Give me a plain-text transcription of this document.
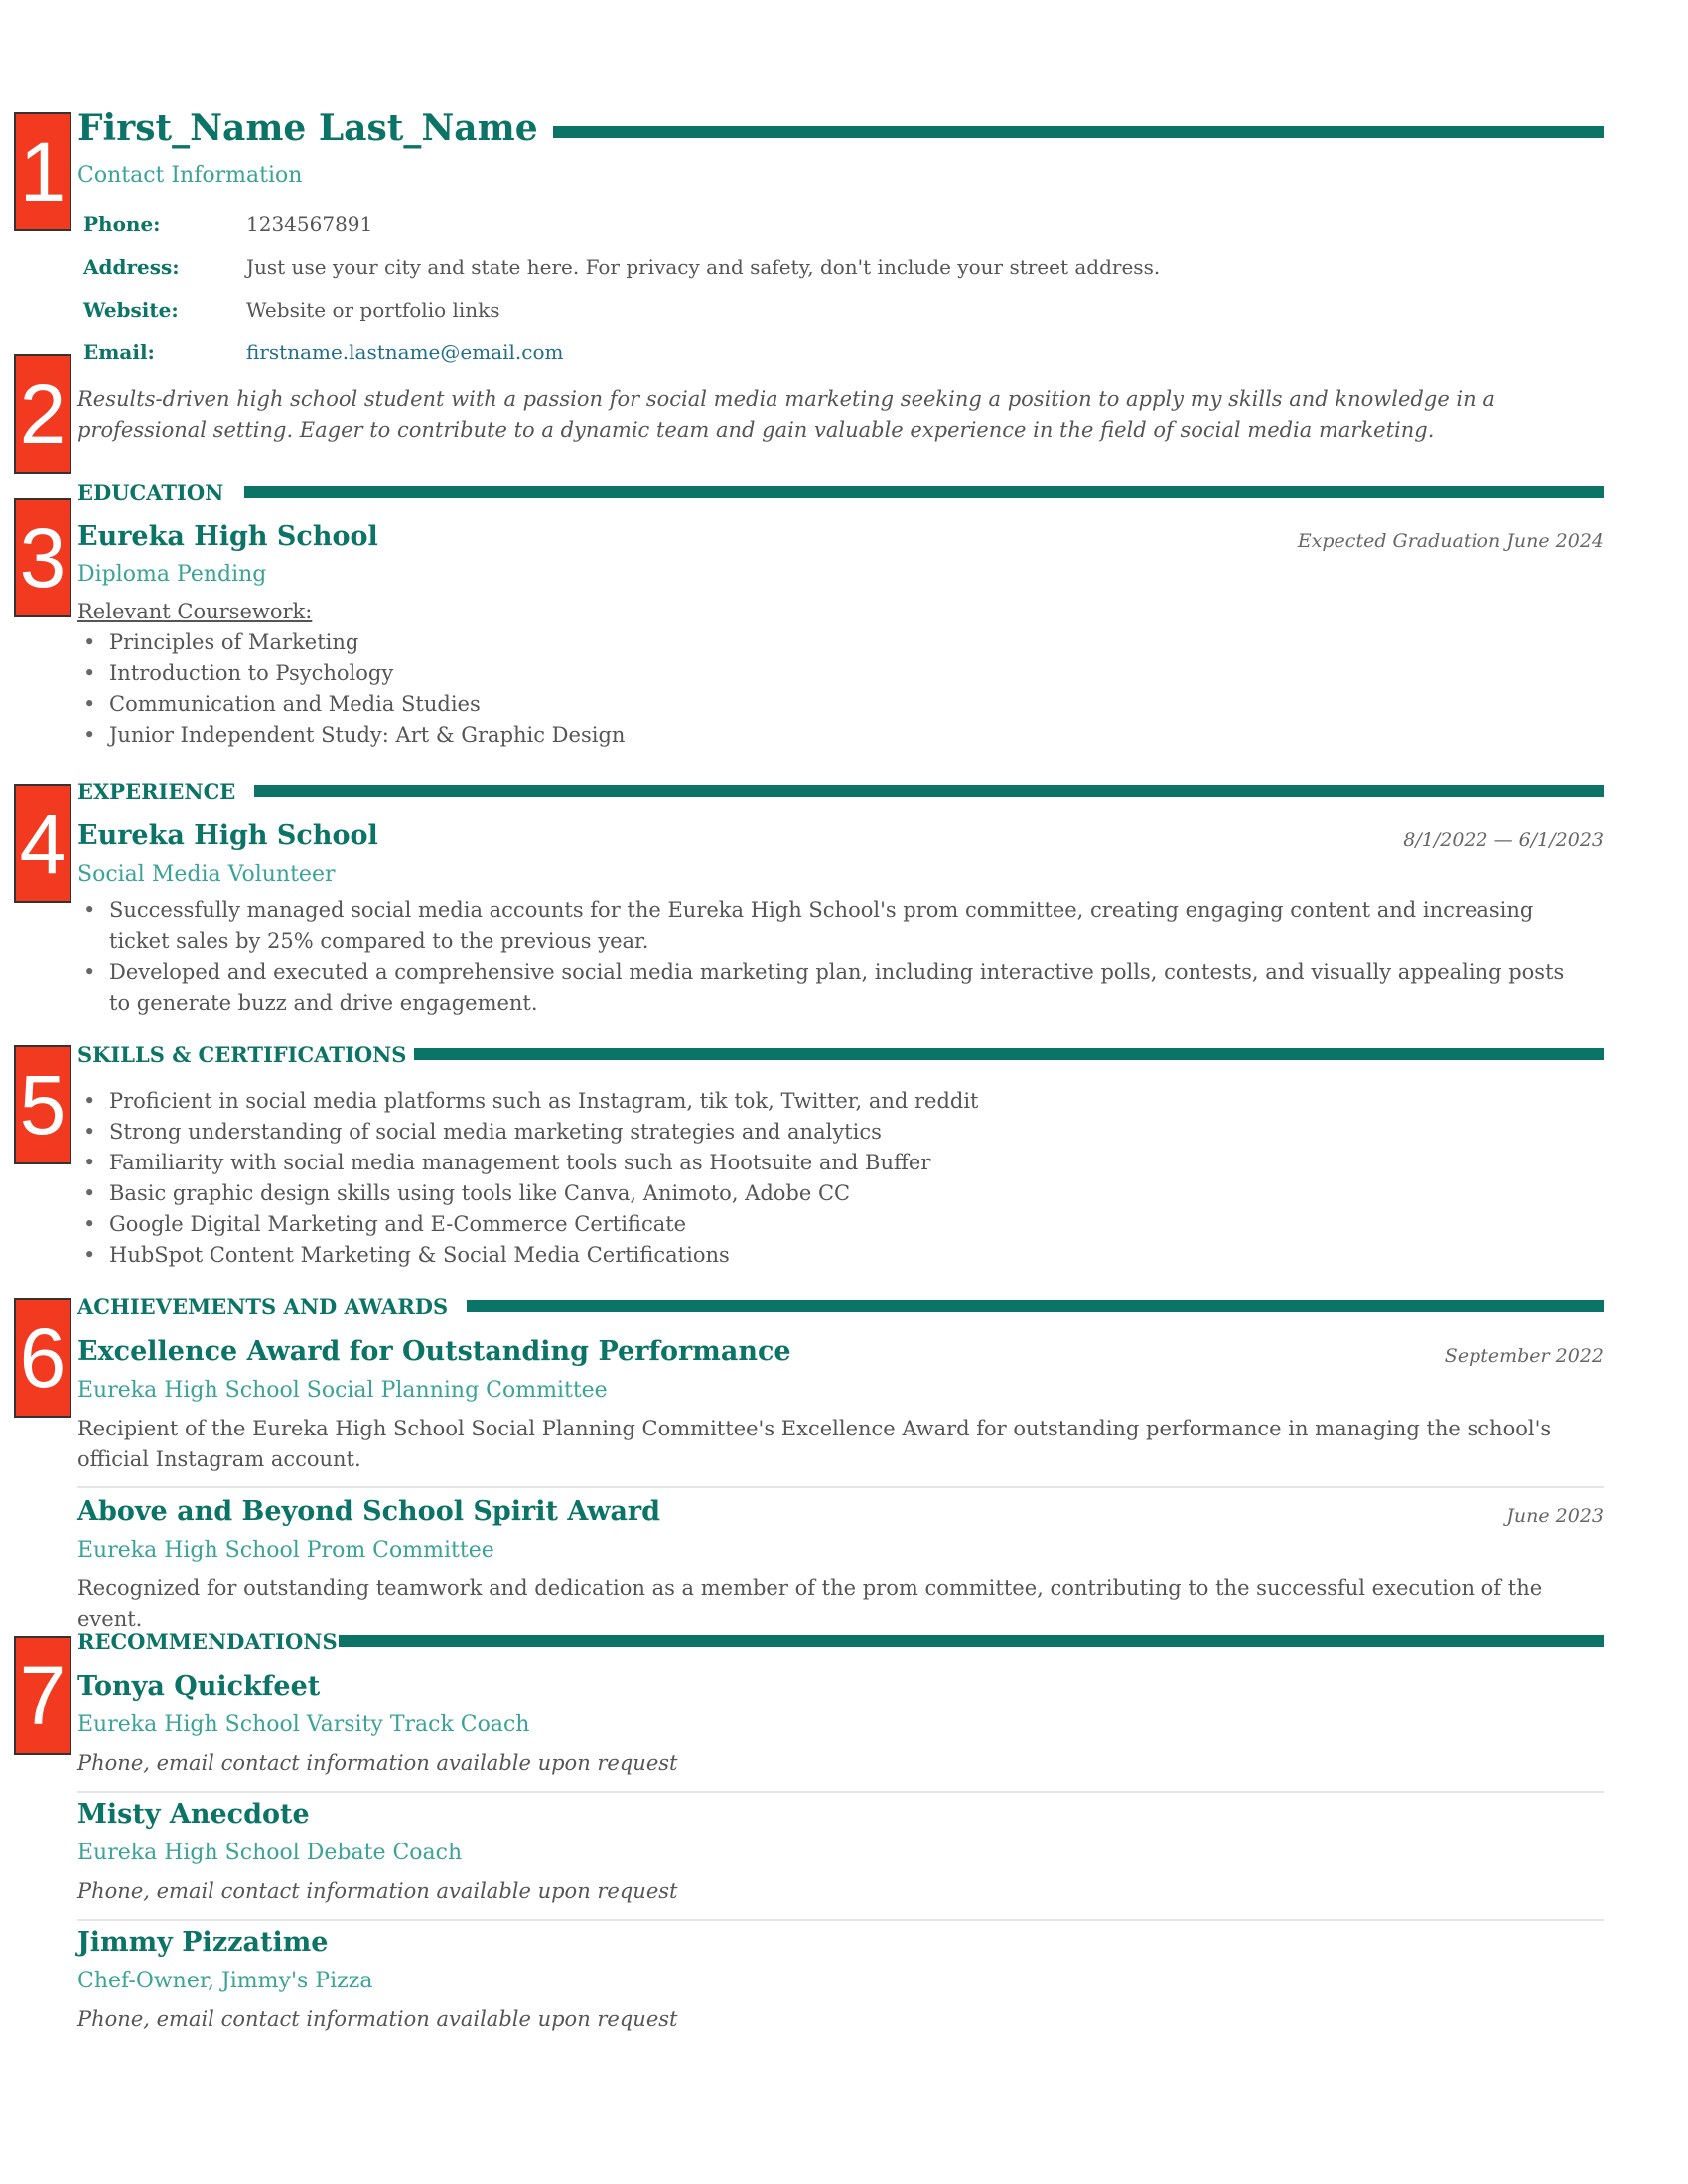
1
2
3
4
5
6
7
First_Name Last_Name
Contact Information
Phone:	1234567891
Address:	Just use your city and state here. For privacy and safety, don't include your street address.
Website:	Website or portfolio links
Email:	firstname.lastname@email.com
Results-driven high school student with a passion for social media marketing seeking a position to apply my skills and knowledge in a professional setting. Eager to contribute to a dynamic team and gain valuable experience in the field of social media marketing.
EDUCATION
Eureka High School	Expected Graduation June 2024
Diploma Pending
Relevant Coursework:
• Principles of Marketing
• Introduction to Psychology
• Communication and Media Studies
• Junior Independent Study: Art & Graphic Design
EXPERIENCE
Eureka High School	8/1/2022 — 6/1/2023
Social Media Volunteer
• Successfully managed social media accounts for the Eureka High School's prom committee, creating engaging content and increasing ticket sales by 25% compared to the previous year.
• Developed and executed a comprehensive social media marketing plan, including interactive polls, contests, and visually appealing posts to generate buzz and drive engagement.
SKILLS & CERTIFICATIONS
• Proficient in social media platforms such as Instagram, tik tok, Twitter, and reddit
• Strong understanding of social media marketing strategies and analytics
• Familiarity with social media management tools such as Hootsuite and Buffer
• Basic graphic design skills using tools like Canva, Animoto, Adobe CC
• Google Digital Marketing and E-Commerce Certificate
• HubSpot Content Marketing & Social Media Certifications
ACHIEVEMENTS AND AWARDS
Excellence Award for Outstanding Performance	September 2022
Eureka High School Social Planning Committee
Recipient of the Eureka High School Social Planning Committee's Excellence Award for outstanding performance in managing the school's official Instagram account.
Above and Beyond School Spirit Award	June 2023
Eureka High School Prom Committee
Recognized for outstanding teamwork and dedication as a member of the prom committee, contributing to the successful execution of the event.
RECOMMENDATIONS
Tonya Quickfeet
Eureka High School Varsity Track Coach
Phone, email contact information available upon request
Misty Anecdote
Eureka High School Debate Coach
Phone, email contact information available upon request
Jimmy Pizzatime
Chef-Owner, Jimmy's Pizza
Phone, email contact information available upon request
